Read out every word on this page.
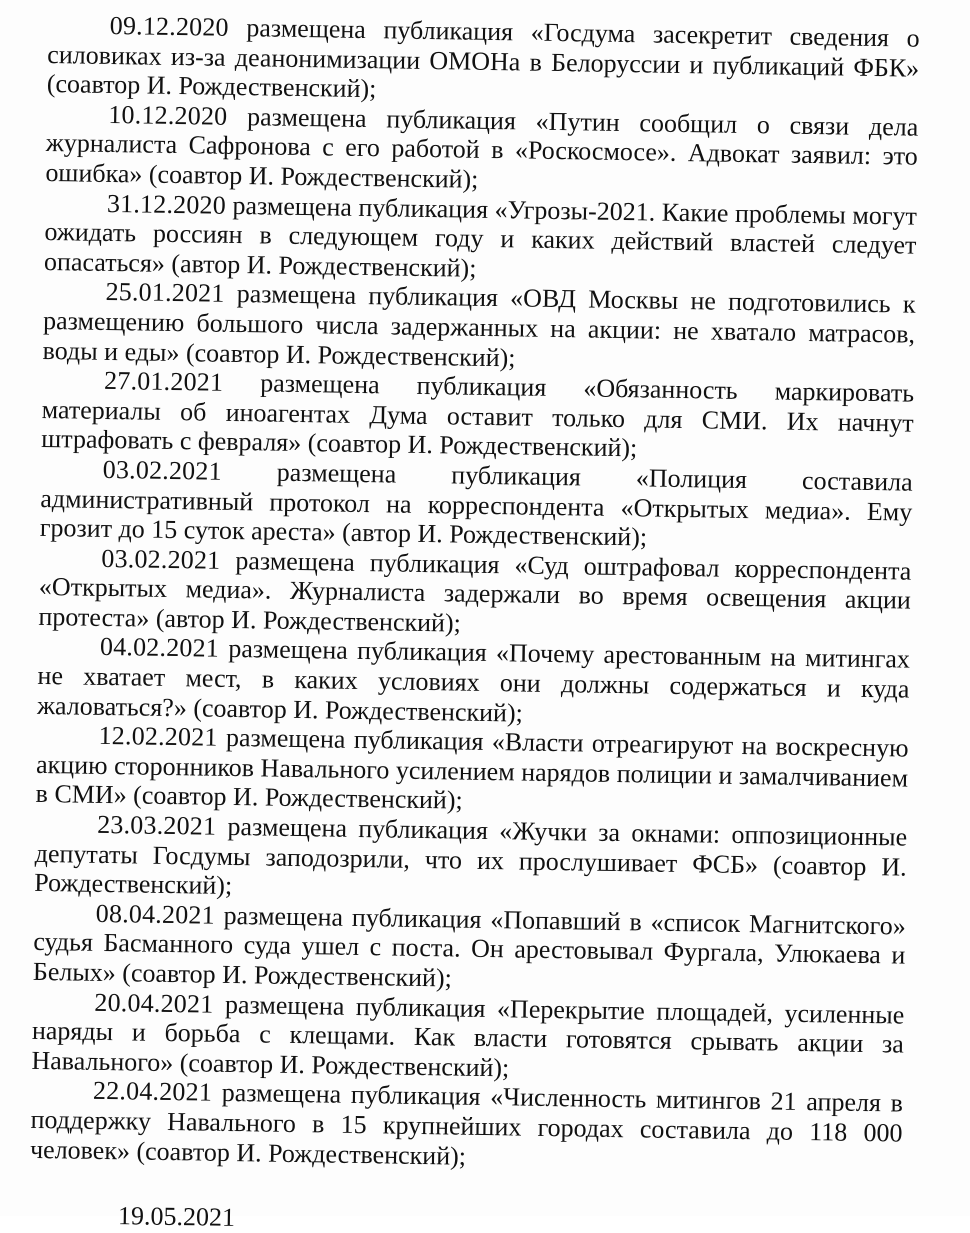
09.12.2020 размещена публикация «Госдума засекретит сведения о силовиках из-за деанонимизации ОМОНа в Белоруссии и публикаций ФБК» (соавтор И. Рождественский);

10.12.2020 размещена публикация «Путин сообщил о связи дела журналиста Сафронова с его работой в «Роскосмосе». Адвокат заявил: это ошибка» (соавтор И. Рождественский);

31.12.2020 размещена публикация «Угрозы-2021. Какие проблемы могут ожидать россиян в следующем году и каких действий властей следует опасаться» (автор И. Рождественский);

25.01.2021 размещена публикация «ОВД Москвы не подготовились к размещению большого числа задержанных на акции: не хватало матрасов, воды и еды» (соавтор И. Рождественский);

27.01.2021 размещена публикация «Обязанность маркировать материалы об иноагентах Дума оставит только для СМИ. Их начнут штрафовать с февраля» (соавтор И. Рождественский);

03.02.2021 размещена публикация «Полиция составила административный протокол на корреспондента «Открытых медиа». Ему грозит до 15 суток ареста» (автор И. Рождественский);

03.02.2021 размещена публикация «Суд оштрафовал корреспондента «Открытых медиа». Журналиста задержали во время освещения акции протеста» (автор И. Рождественский);

04.02.2021 размещена публикация «Почему арестованным на митингах не хватает мест, в каких условиях они должны содержаться и куда жаловаться?» (соавтор И. Рождественский);

12.02.2021 размещена публикация «Власти отреагируют на воскресную акцию сторонников Навального усилением нарядов полиции и замалчиванием в СМИ» (соавтор И. Рождественский);

23.03.2021 размещена публикация «Жучки за окнами: оппозиционные депутаты Госдумы заподозрили, что их прослушивает ФСБ» (соавтор И. Рождественский);

08.04.2021 размещена публикация «Попавший в «список Магнитского» судья Басманного суда ушел с поста. Он арестовывал Фургала, Улюкаева и Белых» (соавтор И. Рождественский);

20.04.2021 размещена публикация «Перекрытие площадей, усиленные наряды и борьба с клещами. Как власти готовятся срывать акции за Навального» (соавтор И. Рождественский);

22.04.2021 размещена публикация «Численность митингов 21 апреля в поддержку Навального в 15 крупнейших городах составила до 118 000 человек» (соавтор И. Рождественский);

19.05.2021
